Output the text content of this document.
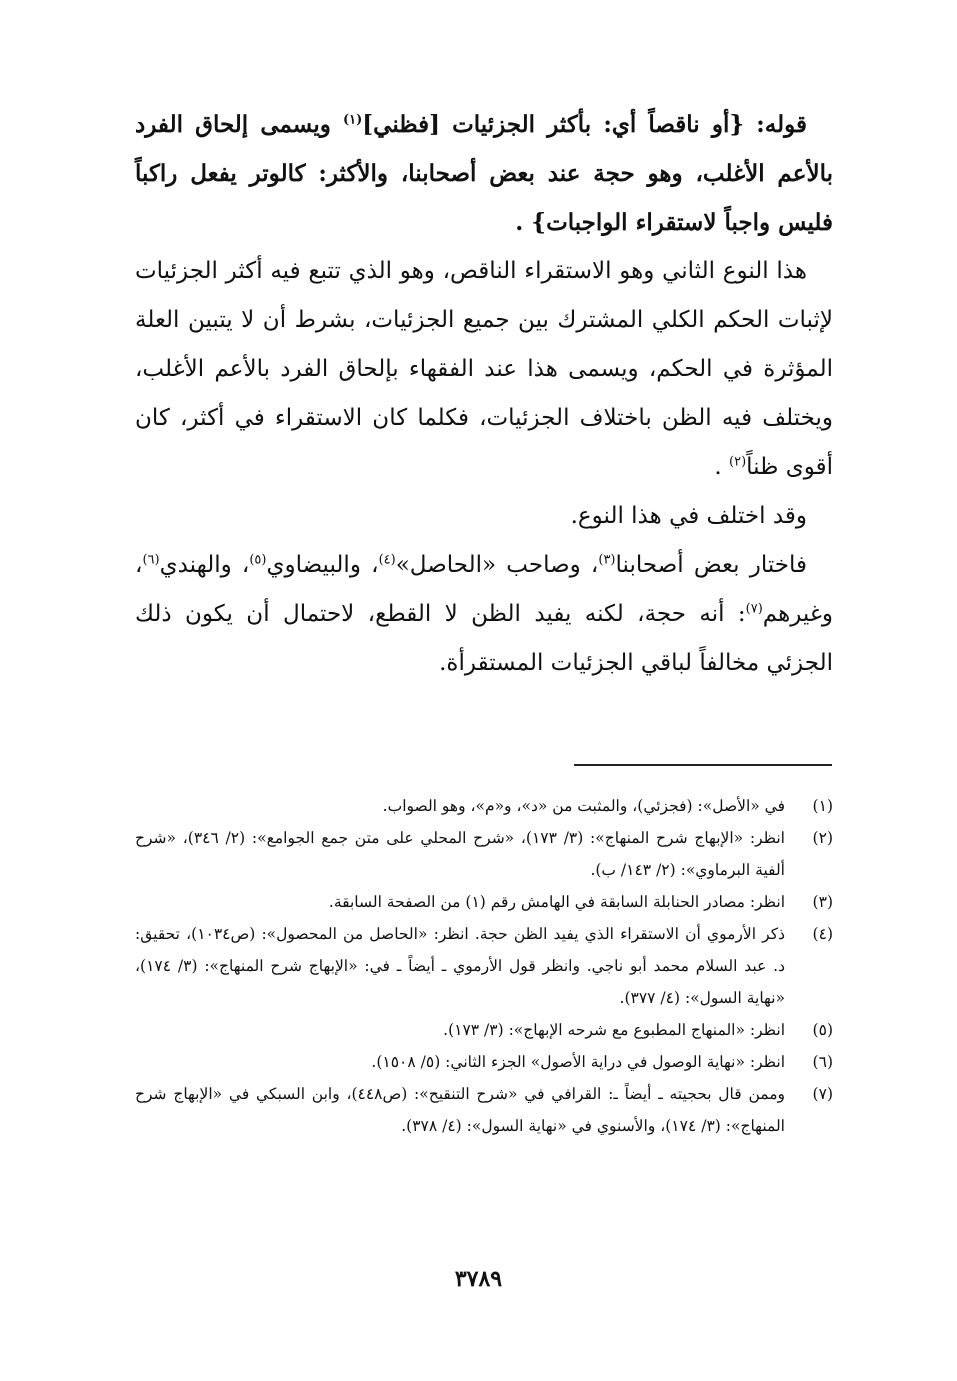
قوله: {أو ناقصاً أي: بأكثر الجزئيات [فظني]$^{(١)}$ ويسمى إلحاق الفرد بالأعم الأغلب، وهو حجة عند بعض أصحابنا، والأكثر: كالوتر يفعل راكباً فليس واجباً لاستقراء الواجبات} .

هذا النوع الثاني وهو الاستقراء الناقص، وهو الذي تتبع فيه أكثر الجزئيات لإثبات الحكم الكلي المشترك بين جميع الجزئيات، بشرط أن لا يتبين العلة المؤثرة في الحكم، ويسمى هذا عند الفقهاء بإلحاق الفرد بالأعم الأغلب، ويختلف فيه الظن باختلاف الجزئيات، فكلما كان الاستقراء في أكثر، كان أقوى ظناً$^{(٢)}$ .

وقد اختلف في هذا النوع.

فاختار بعض أصحابنا$^{(٣)}$، وصاحب «الحاصل»$^{(٤)}$، والبيضاوي$^{(٥)}$، والهندي$^{(٦)}$، وغيرهم$^{(٧)}$: أنه حجة، لكنه يفيد الظن لا القطع، لاحتمال أن يكون ذلك الجزئي مخالفاً لباقي الجزئيات المستقرأة.

(١)
في «الأصل»: (فجزئي)، والمثبت من «د»، و«م»، وهو الصواب.
(٢)
انظر: «الإبهاج شرح المنهاج»: (٣/ ١٧٣)، «شرح المحلي على متن جمع الجوامع»: (٢/ ٣٤٦)، «شرح ألفية البرماوي»: (٢/ ١٤٣/ ب).
(٣)
انظر: مصادر الحنابلة السابقة في الهامش رقم (١) من الصفحة السابقة.
(٤)
ذكر الأرموي أن الاستقراء الذي يفيد الظن حجة. انظر: «الحاصل من المحصول»: (ص١٠٣٤)، تحقيق: د. عبد السلام محمد أبو ناجي. وانظر قول الأرموي ـ أيضاً ـ في: «الإبهاج شرح المنهاج»: (٣/ ١٧٤)، «نهاية السول»: (٤/ ٣٧٧).
(٥)
انظر: «المنهاج المطبوع مع شرحه الإبهاج»: (٣/ ١٧٣).
(٦)
انظر: «نهاية الوصول في دراية الأصول» الجزء الثاني: (٥/ ١٥٠٨).
(٧)
وممن قال بحجيته ـ أيضاً ـ: القرافي في «شرح التنقيح»: (ص٤٤٨)، وابن السبكي في «الإبهاج شرح المنهاج»: (٣/ ١٧٤)، والأسنوي في «نهاية السول»: (٤/ ٣٧٨).
٣٧٨٩
